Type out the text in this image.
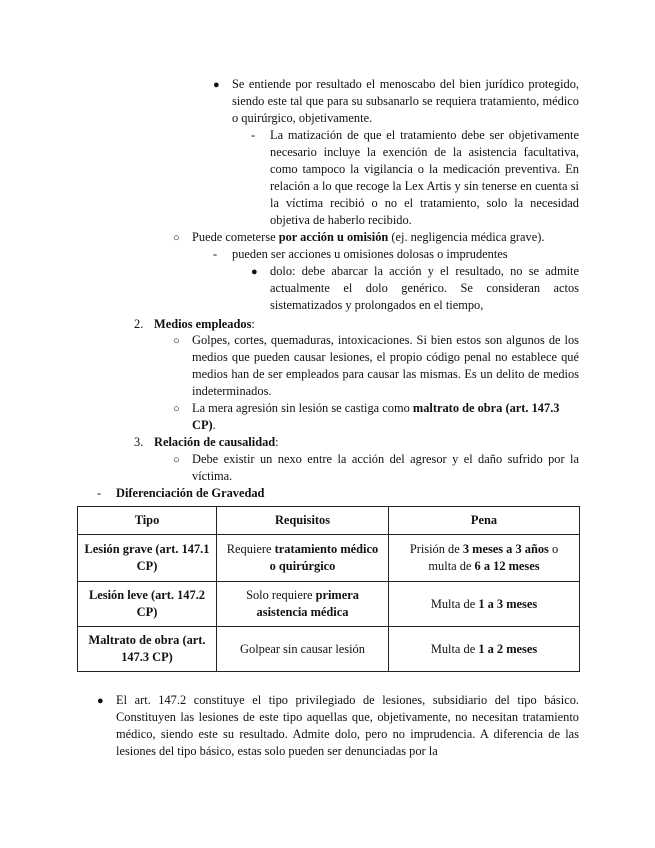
● Se entiende por resultado el menoscabo del bien jurídico protegido, siendo este tal que para su subsanarlo se requiera tratamiento, médico o quirúrgico, objetivamente.
- La matización de que el tratamiento debe ser objetivamente necesario incluye la exención de la asistencia facultativa, como tampoco la vigilancia o la medicación preventiva. En relación a lo que recoge la Lex Artis y sin tenerse en cuenta si la víctima recibió o no el tratamiento, solo la necesidad objetiva de haberlo recibido.
○ Puede cometerse por acción u omisión (ej. negligencia médica grave).
- pueden ser acciones u omisiones dolosas o imprudentes
● dolo: debe abarcar la acción y el resultado, no se admite actualmente el dolo genérico. Se consideran actos sistematizados y prolongados en el tiempo,
2. Medios empleados:
○ Golpes, cortes, quemaduras, intoxicaciones. Si bien estos son algunos de los medios que pueden causar lesiones, el propio código penal no establece qué medios han de ser empleados para causar las mismas. Es un delito de medios indeterminados.
○ La mera agresión sin lesión se castiga como maltrato de obra (art. 147.3 CP).
3. Relación de causalidad:
○ Debe existir un nexo entre la acción del agresor y el daño sufrido por la víctima.
- Diferenciación de Gravedad
Tipo	Requisitos	Pena
Lesión grave (art. 147.1 CP)	Requiere tratamiento médico o quirúrgico	Prisión de 3 meses a 3 años o multa de 6 a 12 meses
Lesión leve (art. 147.2 CP)	Solo requiere primera asistencia médica	Multa de 1 a 3 meses
Maltrato de obra (art. 147.3 CP)	Golpear sin causar lesión	Multa de 1 a 2 meses
● El art. 147.2 constituye el tipo privilegiado de lesiones, subsidiario del tipo básico. Constituyen las lesiones de este tipo aquellas que, objetivamente, no necesitan tratamiento médico, siendo este su resultado. Admite dolo, pero no imprudencia. A diferencia de las lesiones del tipo básico, estas solo pueden ser denunciadas por la
